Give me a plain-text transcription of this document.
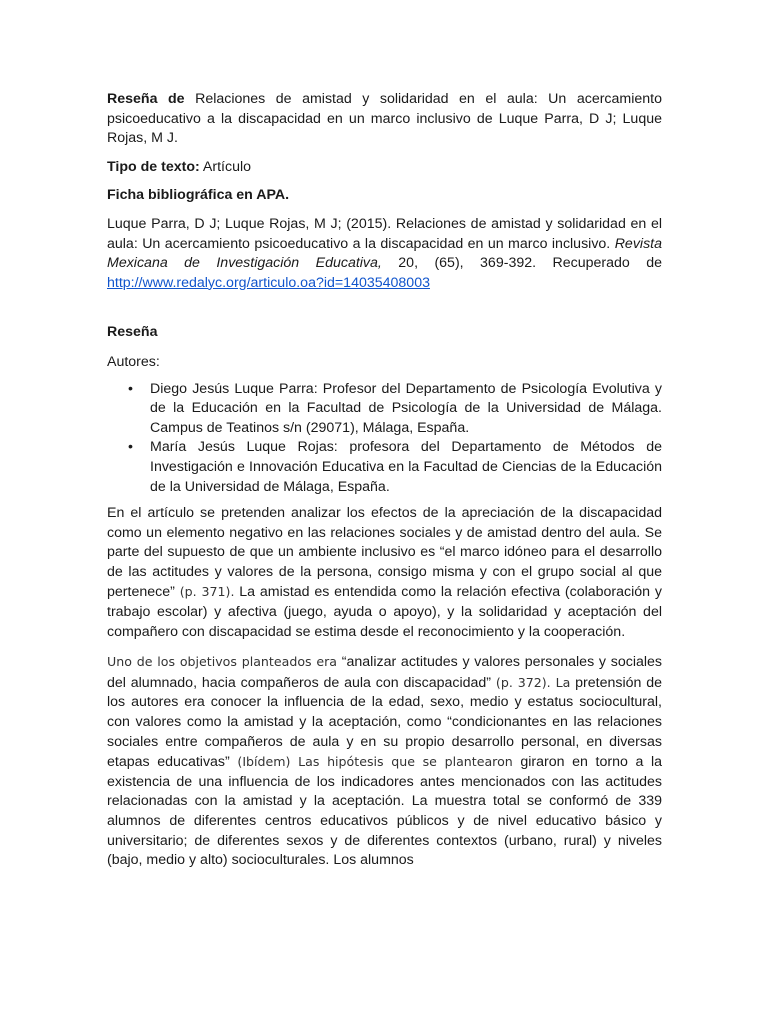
Reseña de Relaciones de amistad y solidaridad en el aula: Un acercamiento psicoeducativo a la discapacidad en un marco inclusivo de Luque Parra, D J; Luque Rojas, M J.

Tipo de texto: Artículo

Ficha bibliográfica en APA.

Luque Parra, D J; Luque Rojas, M J; (2015). Relaciones de amistad y solidaridad en el aula: Un acercamiento psicoeducativo a la discapacidad en un marco inclusivo. Revista Mexicana de Investigación Educativa, 20, (65), 369-392. Recuperado de http://www.redalyc.org/articulo.oa?id=14035408003

Reseña

Autores:

• Diego Jesús Luque Parra: Profesor del Departamento de Psicología Evolutiva y de la Educación en la Facultad de Psicología de la Universidad de Málaga. Campus de Teatinos s/n (29071), Málaga, España.
• María Jesús Luque Rojas: profesora del Departamento de Métodos de Investigación e Innovación Educativa en la Facultad de Ciencias de la Educación de la Universidad de Málaga, España.

En el artículo se pretenden analizar los efectos de la apreciación de la discapacidad como un elemento negativo en las relaciones sociales y de amistad dentro del aula. Se parte del supuesto de que un ambiente inclusivo es “el marco idóneo para el desarrollo de las actitudes y valores de la persona, consigo misma y con el grupo social al que pertenece” (p. 371). La amistad es entendida como la relación efectiva (colaboración y trabajo escolar) y afectiva (juego, ayuda o apoyo), y la solidaridad y aceptación del compañero con discapacidad se estima desde el reconocimiento y la cooperación.

Uno de los objetivos planteados era “analizar actitudes y valores personales y sociales del alumnado, hacia compañeros de aula con discapacidad” (p. 372). La pretensión de los autores era conocer la influencia de la edad, sexo, medio y estatus sociocultural, con valores como la amistad y la aceptación, como “condicionantes en las relaciones sociales entre compañeros de aula y en su propio desarrollo personal, en diversas etapas educativas” (Ibídem) Las hipótesis que se plantearon giraron en torno a la existencia de una influencia de los indicadores antes mencionados con las actitudes relacionadas con la amistad y la aceptación. La muestra total se conformó de 339 alumnos de diferentes centros educativos públicos y de nivel educativo básico y universitario; de diferentes sexos y de diferentes contextos (urbano, rural) y niveles (bajo, medio y alto) socioculturales. Los alumnos
